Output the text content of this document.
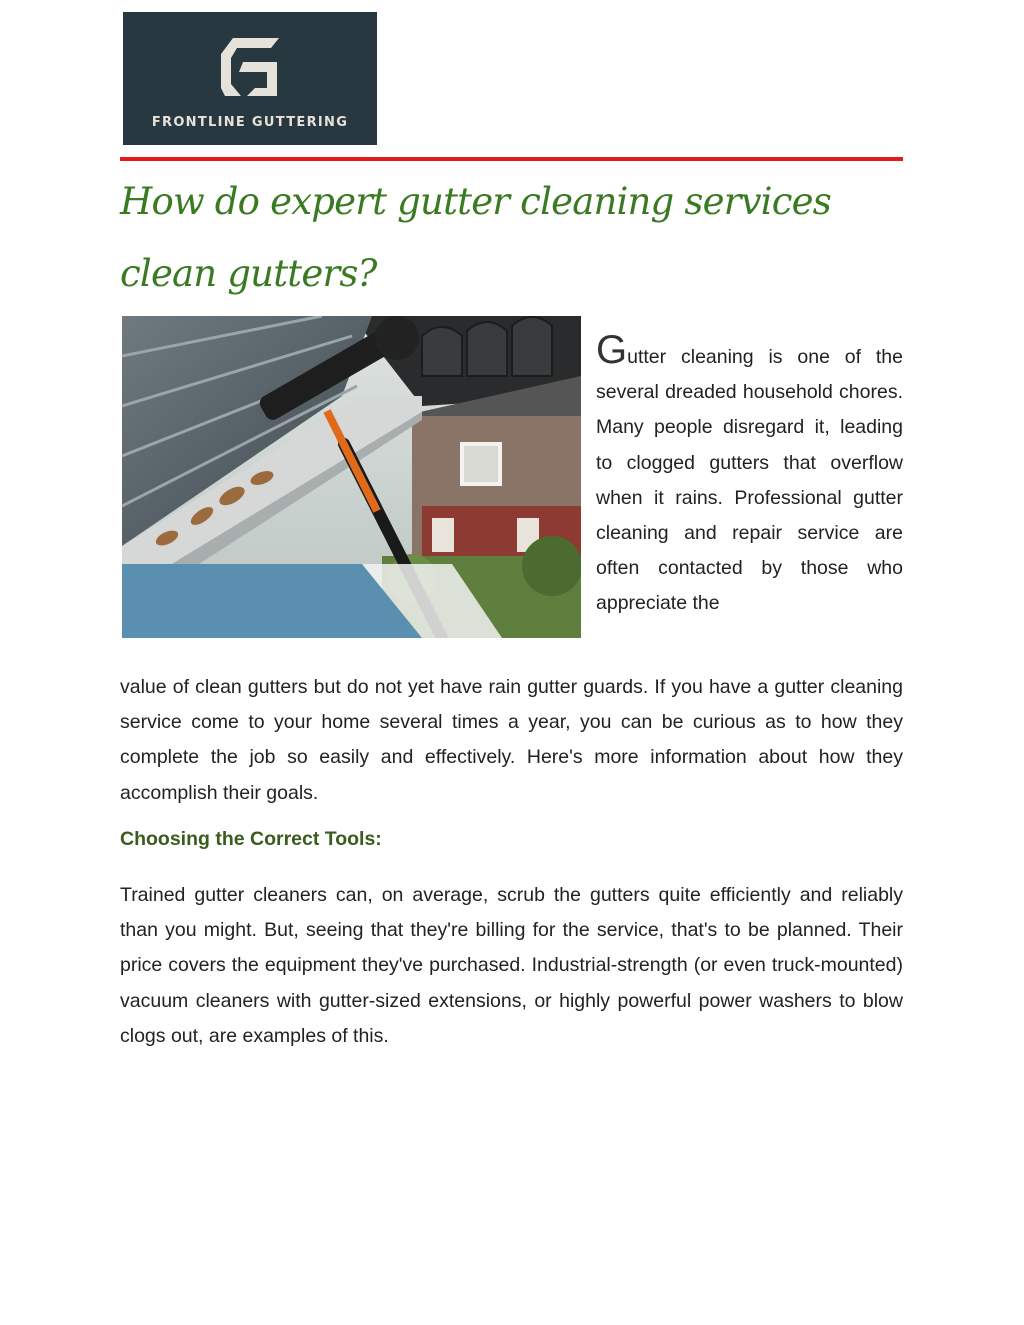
FRONTLINE GUTTERING
How do expert gutter cleaning services clean gutters?

Gutter cleaning is one of the several dreaded household chores. Many people disregard it, leading to clogged gutters that overflow when it rains. Professional gutter cleaning and repair service are often contacted by those who appreciate the

value of clean gutters but do not yet have rain gutter guards. If you have a gutter cleaning service come to your home several times a year, you can be curious as to how they complete the job so easily and effectively. Here's more information about how they accomplish their goals.

Choosing the Correct Tools:

Trained gutter cleaners can, on average, scrub the gutters quite efficiently and reliably than you might. But, seeing that they're billing for the service, that's to be planned. Their price covers the equipment they've purchased. Industrial-strength (or even truck-mounted) vacuum cleaners with gutter-sized extensions, or highly powerful power washers to blow clogs out, are examples of this.
